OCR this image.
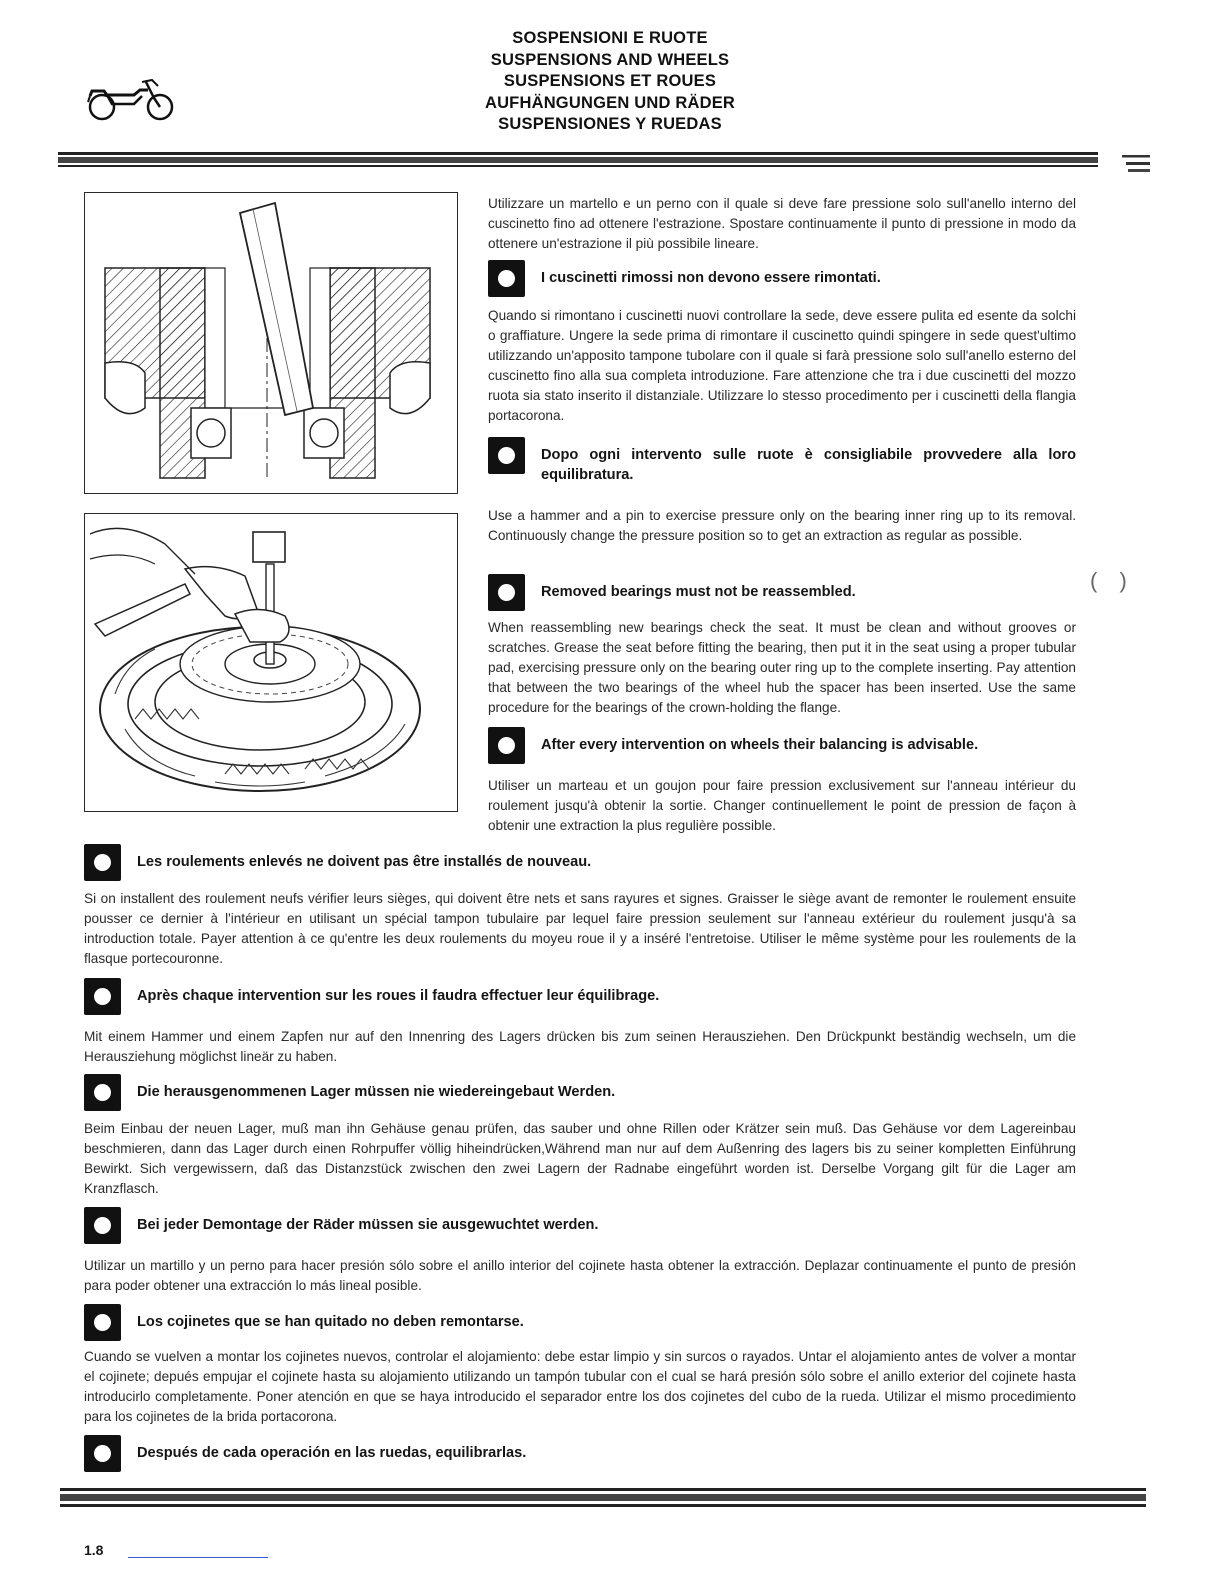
SOSPENSIONI E RUOTE
SUSPENSIONS AND WHEELS
SUSPENSIONS ET ROUES
AUFHÄNGUNGEN UND RÄDER
SUSPENSIONES Y RUEDAS

Utilizzare un martello e un perno con il quale si deve fare pressione solo sull'anello interno del cuscinetto fino ad ottenere l'estrazione. Spostare continuamente il punto di pressione in modo da ottenere un'estrazione il più possibile lineare.

I cuscinetti rimossi non devono essere rimontati.

Quando si rimontano i cuscinetti nuovi controllare la sede, deve essere pulita ed esente da solchi o graffiature. Ungere la sede prima di rimontare il cuscinetto quindi spingere in sede quest'ultimo utilizzando un'apposito tampone tubolare con il quale si farà pressione solo sull'anello esterno del cuscinetto fino alla sua completa introduzione. Fare attenzione che tra i due cuscinetti del mozzo ruota sia stato inserito il distanziale. Utilizzare lo stesso procedimento per i cuscinetti della flangia portacorona.

Dopo ogni intervento sulle ruote è consigliabile provvedere alla loro equilibratura.

Use a hammer and a pin to exercise pressure only on the bearing inner ring up to its removal. Continuously change the pressure position so to get an extraction as regular as possible.

Removed bearings must not be reassembled.

When reassembling new bearings check the seat. It must be clean and without grooves or scratches. Grease the seat before fitting the bearing, then put it in the seat using a proper tubular pad, exercising pressure only on the bearing outer ring up to the complete inserting. Pay attention that between the two bearings of the wheel hub the spacer has been inserted. Use the same procedure for the bearings of the crown-holding the flange.

After every intervention on wheels their balancing is advisable.
( )

Utiliser un marteau et un goujon pour faire pression exclusivement sur l'anneau intérieur du roulement jusqu'à obtenir la sortie. Changer continuellement le point de pression de façon à obtenir une extraction la plus regulière possible.

Les roulements enlevés ne doivent pas être installés de nouveau.

Si on installent des roulement neufs vérifier leurs sièges, qui doivent être nets et sans rayures et signes. Graisser le siège avant de remonter le roulement ensuite pousser ce dernier à l'intérieur en utilisant un spécial tampon tubulaire par lequel faire pression seulement sur l'anneau extérieur du roulement jusqu'à sa introduction totale. Payer attention à ce qu'entre les deux roulements du moyeu roue il y a inséré l'entretoise. Utiliser le même système pour les roulements de la flasque portecouronne.

Après chaque intervention sur les roues il faudra effectuer leur équilibrage.

Mit einem Hammer und einem Zapfen nur auf den Innenring des Lagers drücken bis zum seinen Herausziehen. Den Drückpunkt beständig wechseln, um die Herausziehung möglichst lineär zu haben.

Die herausgenommenen Lager müssen nie wiedereingebaut Werden.

Beim Einbau der neuen Lager, muß man ihn Gehäuse genau prüfen, das sauber und ohne Rillen oder Krätzer sein muß. Das Gehäuse vor dem Lagereinbau beschmieren, dann das Lager durch einen Rohrpuffer völlig hiheindrücken,Während man nur auf dem Außenring des lagers bis zu seiner kompletten Einführung Bewirkt. Sich vergewissern, daß das Distanzstück zwischen den zwei Lagern der Radnabe eingeführt worden ist. Derselbe Vorgang gilt für die Lager am Kranzflasch.

Bei jeder Demontage der Räder müssen sie ausgewuchtet werden.

Utilizar un martillo y un perno para hacer presión sólo sobre el anillo interior del cojinete hasta obtener la extracción. Deplazar continuamente el punto de presión para poder obtener una extracción lo más lineal posible.

Los cojinetes que se han quitado no deben remontarse.

Cuando se vuelven a montar los cojinetes nuevos, controlar el alojamiento: debe estar limpio y sin surcos o rayados. Untar el alojamiento antes de volver a montar el cojinete; depués empujar el cojinete hasta su alojamiento utilizando un tampón tubular con el cual se hará presión sólo sobre el anillo exterior del cojinete hasta introducirlo completamente. Poner atención en que se haya introducido el separador entre los dos cojinetes del cubo de la rueda. Utilizar el mismo procedimiento para los cojinetes de la brida portacorona.

Después de cada operación en las ruedas, equilibrarlas.
1.8
